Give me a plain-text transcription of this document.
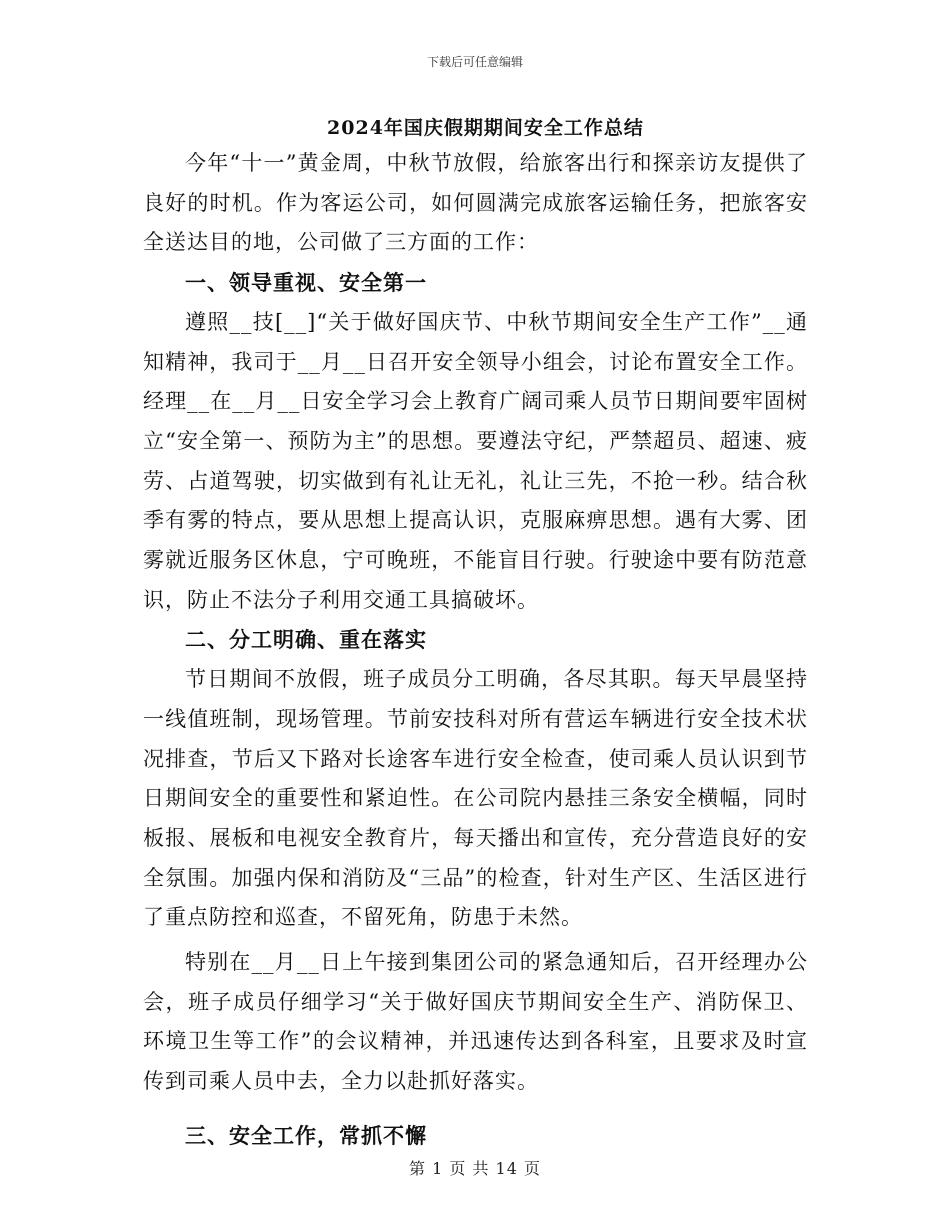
下载后可任意编辑
2024年国庆假期期间安全工作总结

今年“十一”黄金周，中秋节放假，给旅客出行和探亲访友提供了良好的时机。作为客运公司，如何圆满完成旅客运输任务，把旅客安全送达目的地，公司做了三方面的工作：

一、领导重视、安全第一

遵照__技[__]“关于做好国庆节、中秋节期间安全生产工作”__通知精神，我司于__月__日召开安全领导小组会，讨论布置安全工作。经理__在__月__日安全学习会上教育广阔司乘人员节日期间要牢固树立“安全第一、预防为主”的思想。要遵法守纪，严禁超员、超速、疲劳、占道驾驶，切实做到有礼让无礼，礼让三先，不抢一秒。结合秋季有雾的特点，要从思想上提高认识，克服麻痹思想。遇有大雾、团雾就近服务区休息，宁可晚班，不能盲目行驶。行驶途中要有防范意识，防止不法分子利用交通工具搞破坏。

二、分工明确、重在落实

节日期间不放假，班子成员分工明确，各尽其职。每天早晨坚持一线值班制，现场管理。节前安技科对所有营运车辆进行安全技术状况排查，节后又下路对长途客车进行安全检查，使司乘人员认识到节日期间安全的重要性和紧迫性。在公司院内悬挂三条安全横幅，同时板报、展板和电视安全教育片，每天播出和宣传，充分营造良好的安全氛围。加强内保和消防及“三品”的检查，针对生产区、生活区进行了重点防控和巡查，不留死角，防患于未然。

特别在__月__日上午接到集团公司的紧急通知后，召开经理办公会，班子成员仔细学习“关于做好国庆节期间安全生产、消防保卫、环境卫生等工作”的会议精神，并迅速传达到各科室，且要求及时宣传到司乘人员中去，全力以赴抓好落实。

三、安全工作，常抓不懈
第 1 页 共 14 页
